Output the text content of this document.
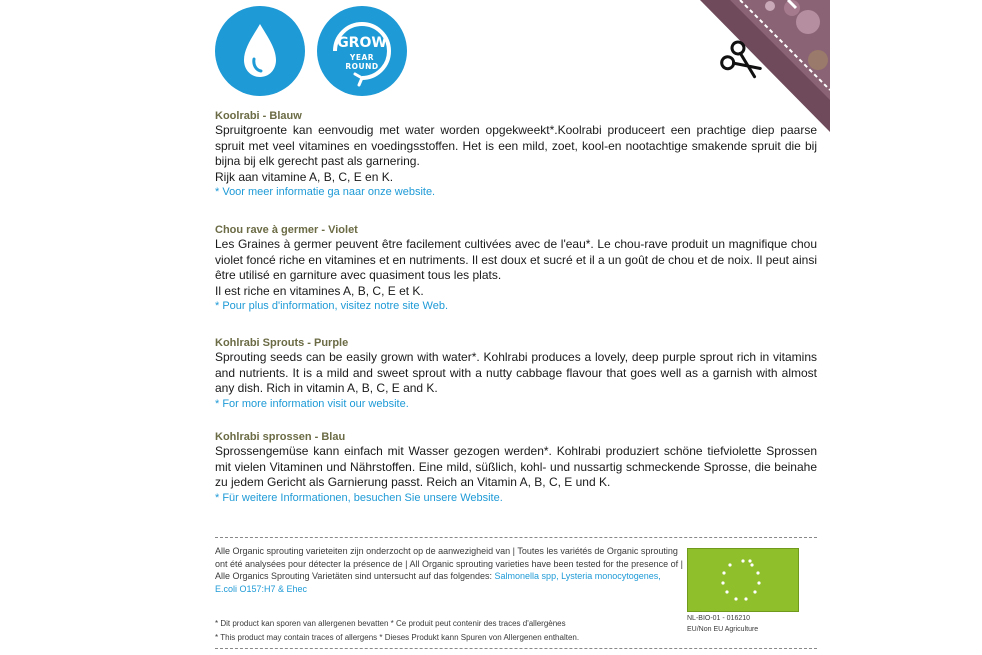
GROW
YEAR
ROUND

Koolrabi - Blauw

Spruitgroente kan eenvoudig met water worden opgekweekt*.Koolrabi produceert een prachtige diep paarse spruit met veel vitamines en voedingsstoffen. Het is een mild, zoet, kool-en nootachtige smakende spruit die bij bijna bij elk gerecht past als garnering.

Rijk aan vitamine A, B, C, E en K.

* Voor meer informatie ga naar onze website.

Chou rave à germer - Violet

Les Graines à germer peuvent être facilement cultivées avec de l'eau*. Le chou-rave produit un magnifique chou violet foncé riche en vitamines et en nutriments. Il est doux et sucré et il a un goût de chou et de noix. Il peut ainsi être utilisé en garniture avec quasiment tous les plats.

Il est riche en vitamines A, B, C, E et K.

* Pour plus d'information, visitez notre site Web.

Kohlrabi Sprouts - Purple

Sprouting seeds can be easily grown with water*. Kohlrabi produces a lovely, deep purple sprout rich in vitamins and nutrients. It is a mild and sweet sprout with a nutty cabbage flavour that goes well as a garnish with almost any dish. Rich in vitamin A, B, C, E and K.

* For more information visit our website.

Kohlrabi sprossen - Blau

Sprossengemüse kann einfach mit Wasser gezogen werden*. Kohlrabi produziert schöne tiefviolette Sprossen mit vielen Vitaminen und Nährstoffen. Eine mild, süßlich, kohl- und nussartig schmeckende Sprosse, die beinahe zu jedem Gericht als Garnierung passt. Reich an Vitamin A, B, C, E und K.

* Für weitere Informationen, besuchen Sie unsere Website.

Alle Organic sprouting varieteiten zijn onderzocht op de aanwezigheid van | Toutes les variétés de Organic sprouting ont été analysées pour détecter la présence de | All Organic sprouting varieties have been tested for the presence of | Alle Organics Sprouting Varietäten sind untersucht auf das folgendes: Salmonella spp, Lysteria monocytogenes, E.coli O157:H7 & Ehec
* Dit product kan sporen van allergenen bevatten * Ce produit peut contenir des traces d'allergènes
* This product may contain traces of allergens * Dieses Produkt kann Spuren von Allergenen enthalten.
NL-BIO-01 - 016210
EU/Non EU Agriculture
